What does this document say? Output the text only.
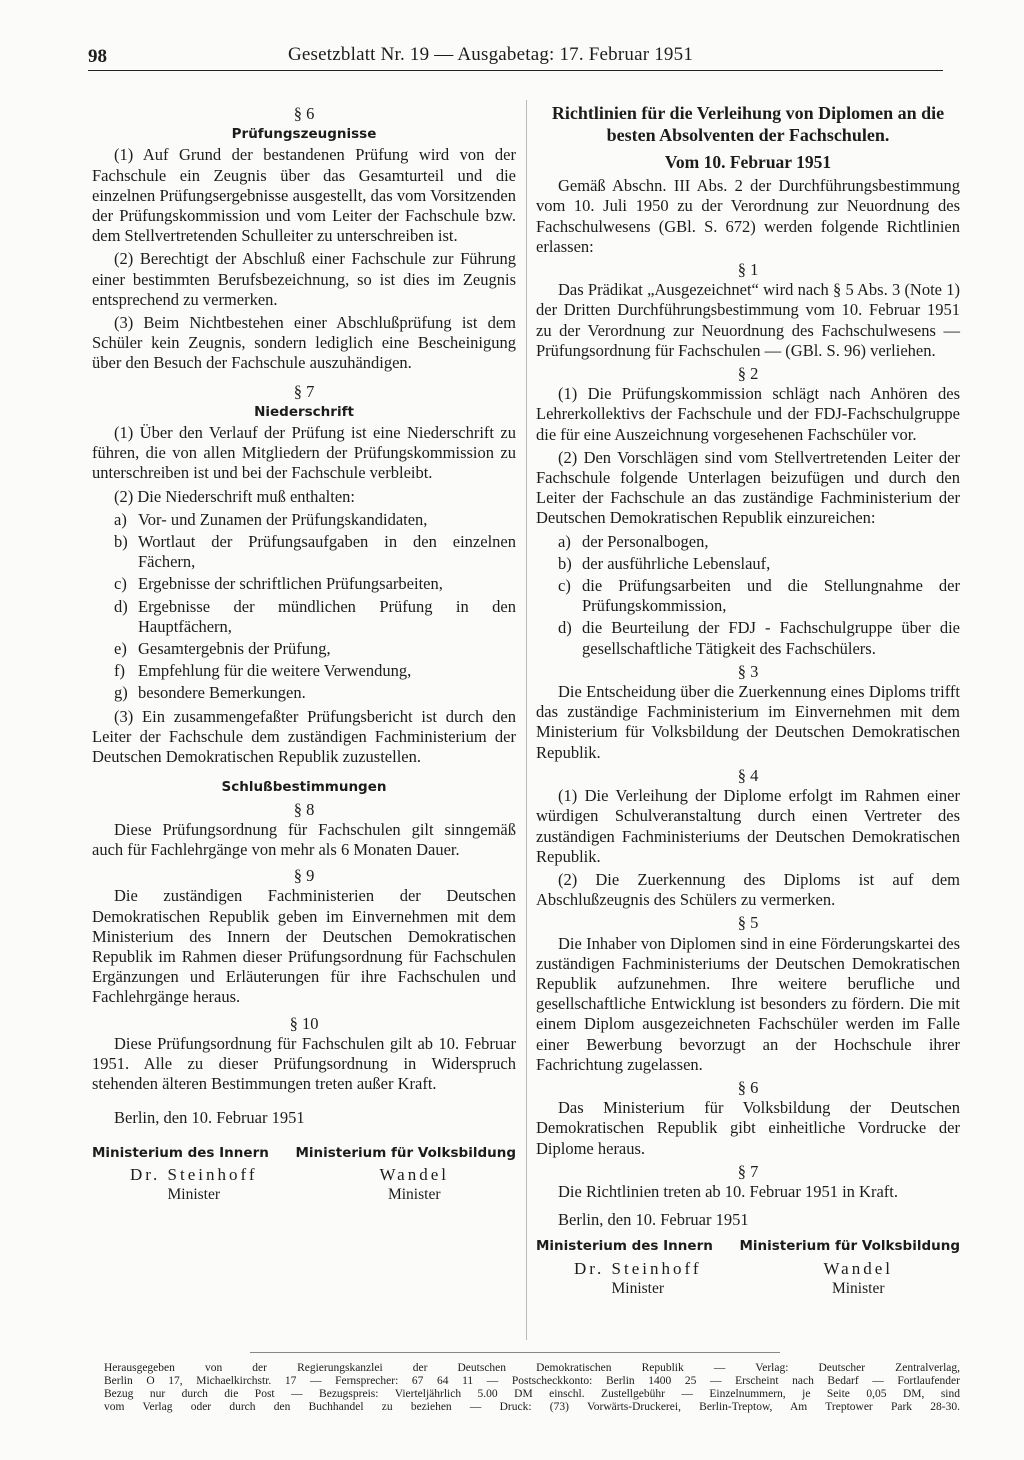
98	Gesetzblatt Nr. 19 — Ausgabetag: 17. Februar 1951
§ 6
Prüfungszeugnisse

(1) Auf Grund der bestandenen Prüfung wird von der Fachschule ein Zeugnis über das Gesamturteil und die einzelnen Prüfungsergebnisse ausgestellt, das vom Vorsitzenden der Prüfungskommission und vom Leiter der Fachschule bzw. dem Stellvertretenden Schulleiter zu unterschreiben ist.

(2) Berechtigt der Abschluß einer Fachschule zur Führung einer bestimmten Berufsbezeichnung, so ist dies im Zeugnis entsprechend zu vermerken.

(3) Beim Nichtbestehen einer Abschlußprüfung ist dem Schüler kein Zeugnis, sondern lediglich eine Bescheinigung über den Besuch der Fachschule auszuhändigen.

§ 7
Niederschrift

(1) Über den Verlauf der Prüfung ist eine Niederschrift zu führen, die von allen Mitgliedern der Prüfungskommission zu unterschreiben ist und bei der Fachschule verbleibt.

(2) Die Niederschrift muß enthalten:

a) Vor- und Zunamen der Prüfungskandidaten,
b) Wortlaut der Prüfungsaufgaben in den einzelnen Fächern,
c) Ergebnisse der schriftlichen Prüfungsarbeiten,
d) Ergebnisse der mündlichen Prüfung in den Hauptfächern,
e) Gesamtergebnis der Prüfung,
f) Empfehlung für die weitere Verwendung,
g) besondere Bemerkungen.

(3) Ein zusammengefaßter Prüfungsbericht ist durch den Leiter der Fachschule dem zuständigen Fachministerium der Deutschen Demokratischen Republik zuzustellen.

Schlußbestimmungen
§ 8

Diese Prüfungsordnung für Fachschulen gilt sinngemäß auch für Fachlehrgänge von mehr als 6 Monaten Dauer.

§ 9

Die zuständigen Fachministerien der Deutschen Demokratischen Republik geben im Einvernehmen mit dem Ministerium des Innern der Deutschen Demokratischen Republik im Rahmen dieser Prüfungsordnung für Fachschulen Ergänzungen und Erläuterungen für ihre Fachschulen und Fachlehrgänge heraus.

§ 10

Diese Prüfungsordnung für Fachschulen gilt ab 10. Februar 1951. Alle zu dieser Prüfungsordnung in Widerspruch stehenden älteren Bestimmungen treten außer Kraft.

Berlin, den 10. Februar 1951
Ministerium des Innern Ministerium für Volksbildung
Dr. Steinhoff
Minister
Wandel
Minister
Richtlinien für die Verleihung von Diplomen an die besten Absolventen der Fachschulen.
Vom 10. Februar 1951

Gemäß Abschn. III Abs. 2 der Durchführungsbestimmung vom 10. Juli 1950 zu der Verordnung zur Neuordnung des Fachschulwesens (GBl. S. 672) werden folgende Richtlinien erlassen:

§ 1

Das Prädikat „Ausgezeichnet“ wird nach § 5 Abs. 3 (Note 1) der Dritten Durchführungsbestimmung vom 10. Februar 1951 zu der Verordnung zur Neuordnung des Fachschulwesens — Prüfungsordnung für Fachschulen — (GBl. S. 96) verliehen.

§ 2

(1) Die Prüfungskommission schlägt nach Anhören des Lehrerkollektivs der Fachschule und der FDJ-Fachschulgruppe die für eine Auszeichnung vorgesehenen Fachschüler vor.

(2) Den Vorschlägen sind vom Stellvertretenden Leiter der Fachschule folgende Unterlagen beizufügen und durch den Leiter der Fachschule an das zuständige Fachministerium der Deutschen Demokratischen Republik einzureichen:

a) der Personalbogen,
b) der ausführliche Lebenslauf,
c) die Prüfungsarbeiten und die Stellungnahme der Prüfungskommission,
d) die Beurteilung der FDJ - Fachschulgruppe über die gesellschaftliche Tätigkeit des Fachschülers.
§ 3

Die Entscheidung über die Zuerkennung eines Diploms trifft das zuständige Fachministerium im Einvernehmen mit dem Ministerium für Volksbildung der Deutschen Demokratischen Republik.

§ 4

(1) Die Verleihung der Diplome erfolgt im Rahmen einer würdigen Schulveranstaltung durch einen Vertreter des zuständigen Fachministeriums der Deutschen Demokratischen Republik.

(2) Die Zuerkennung des Diploms ist auf dem Abschlußzeugnis des Schülers zu vermerken.

§ 5

Die Inhaber von Diplomen sind in eine Förderungskartei des zuständigen Fachministeriums der Deutschen Demokratischen Republik aufzunehmen. Ihre weitere berufliche und gesellschaftliche Entwicklung ist besonders zu fördern. Die mit einem Diplom ausgezeichneten Fachschüler werden im Falle einer Bewerbung bevorzugt an der Hochschule ihrer Fachrichtung zugelassen.

§ 6

Das Ministerium für Volksbildung der Deutschen Demokratischen Republik gibt einheitliche Vordrucke der Diplome heraus.

§ 7

Die Richtlinien treten ab 10. Februar 1951 in Kraft.

Berlin, den 10. Februar 1951
Ministerium des Innern Ministerium für Volksbildung
Dr. Steinhoff
Minister
Wandel
Minister

Herausgegeben von der Regierungskanzlei der Deutschen Demokratischen Republik — Verlag: Deutscher Zentralverlag,

Berlin O 17, Michaelkirchstr. 17 — Fernsprecher: 67 64 11 — Postscheckkonto: Berlin 1400 25 — Erscheint nach Bedarf — Fortlaufender

Bezug nur durch die Post — Bezugspreis: Vierteljährlich 5.00 DM einschl. Zustellgebühr — Einzelnummern, je Seite 0,05 DM, sind

vom Verlag oder durch den Buchhandel zu beziehen — Druck: (73) Vorwärts-Druckerei, Berlin-Treptow, Am Treptower Park 28-30.
